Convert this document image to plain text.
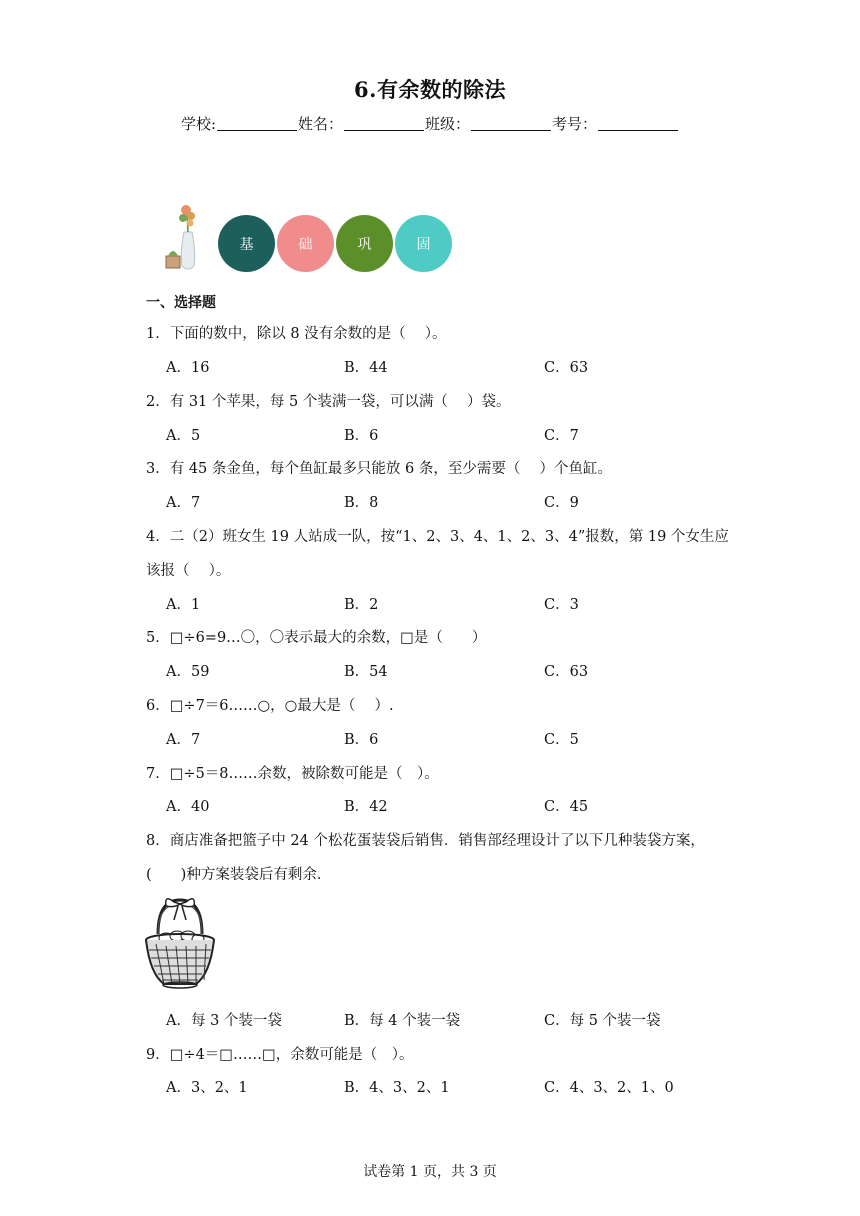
6.有余数的除法
学校:	姓名：	班级：	考号：
基	础	巩	固
一、选择题
1．下面的数中，除以 8 没有余数的是（　 ）。
A．16	B．44	C．63
2．有 31 个苹果，每 5 个装满一袋，可以满（　 ）袋。
A．5	B．6	C．7
3．有 45 条金鱼，每个鱼缸最多只能放 6 条，至少需要（　 ）个鱼缸。
A．7	B．8	C．9
4．二（2）班女生 19 人站成一队，按“1、2、3、4、1、2、3、4”报数，第 19 个女生应
该报（　 ）。
A．1	B．2	C．3
5．□÷6=9…〇，〇表示最大的余数，□是（　　）
A．59	B．54	C．63
6．□÷7＝6……○，○最大是（　 ）.
A．7	B．6	C．5
7．□÷5＝8……余数，被除数可能是（　）。
A．40	B．42	C．45
8．商店准备把篮子中 24 个松花蛋装袋后销售．销售部经理设计了以下几种装袋方案，
(　　)种方案装袋后有剩余．
A．每 3 个装一袋	B．每 4 个装一袋	C．每 5 个装一袋
9．□÷4＝□……□，余数可能是（　）。
A．3、2、1	B．4、3、2、1	C．4、3、2、1、0
试卷第 1 页，共 3 页
